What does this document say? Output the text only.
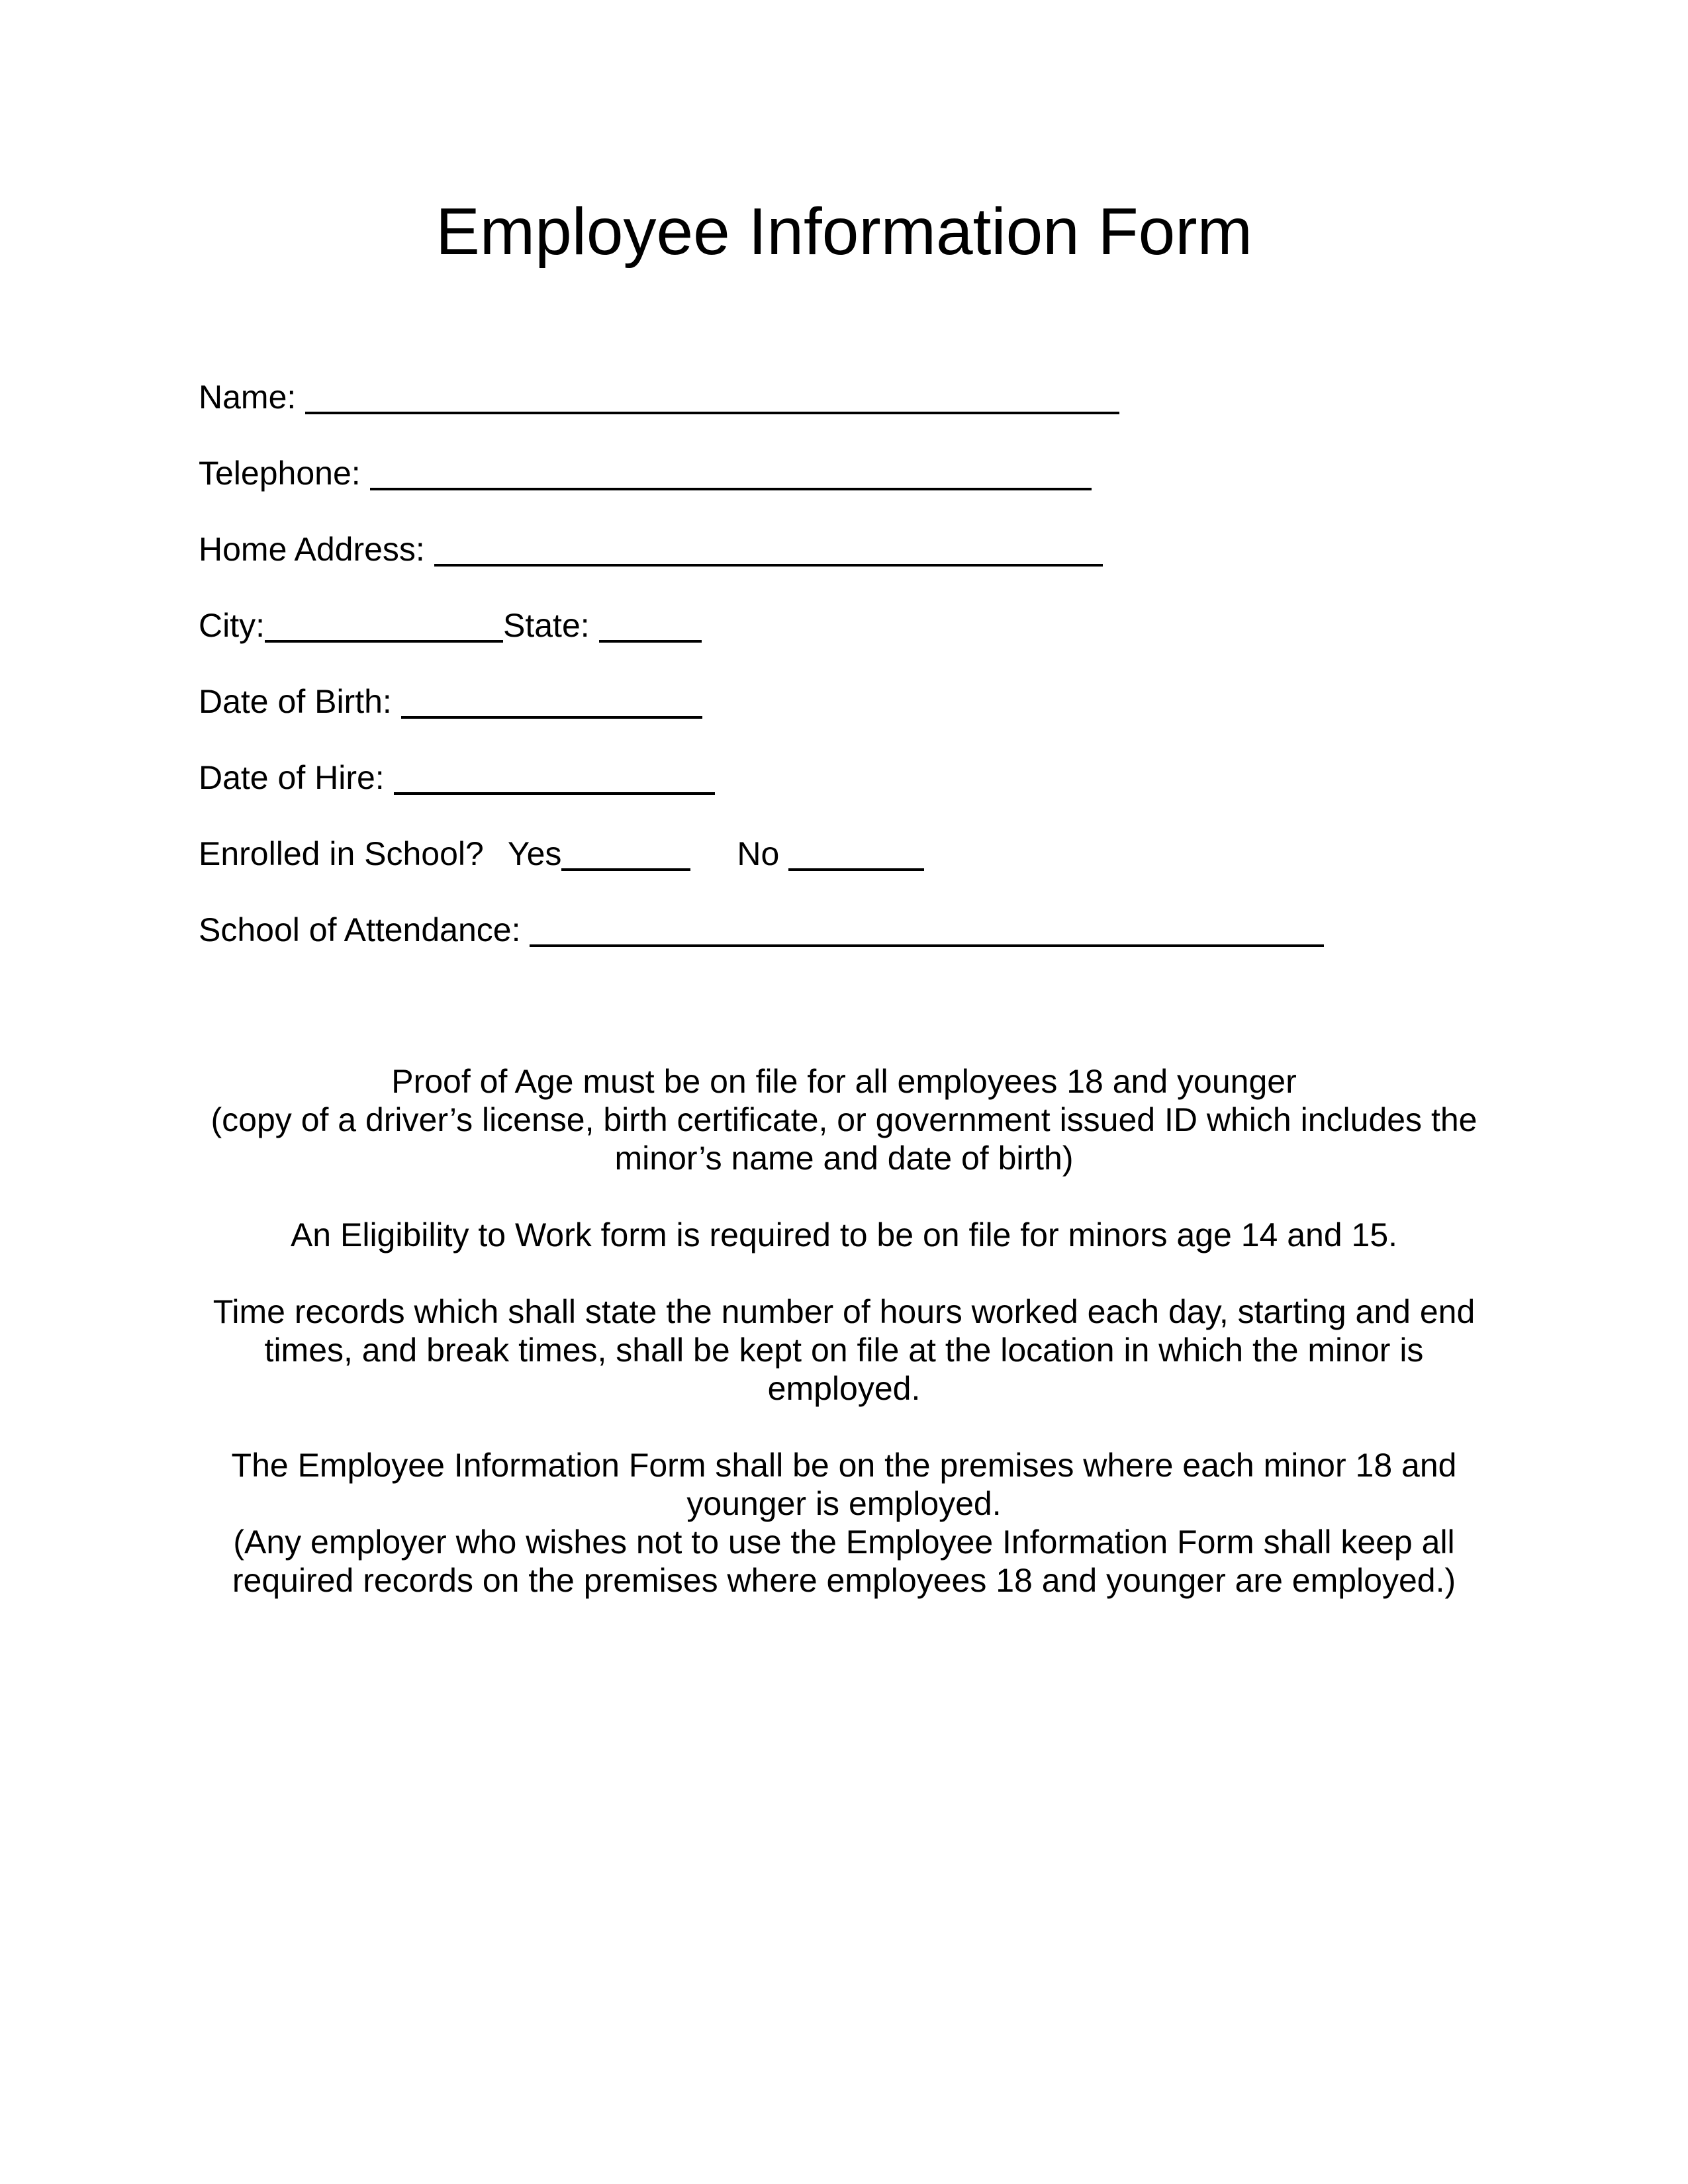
Employee Information Form
Name:
Telephone:
Home Address:
City:	State:
Date of Birth:
Date of Hire:
Enrolled in School? Yes	No
School of Attendance:

Proof of Age must be on file for all employees 18 and younger
(copy of a driver’s license, birth certificate, or government issued ID which includes the minor’s name and date of birth)

An Eligibility to Work form is required to be on file for minors age 14 and 15.

Time records which shall state the number of hours worked each day, starting and end times, and break times, shall be kept on file at the location in which the minor is employed.

The Employee Information Form shall be on the premises where each minor 18 and younger is employed.
(Any employer who wishes not to use the Employee Information Form shall keep all required records on the premises where employees 18 and younger are employed.)
